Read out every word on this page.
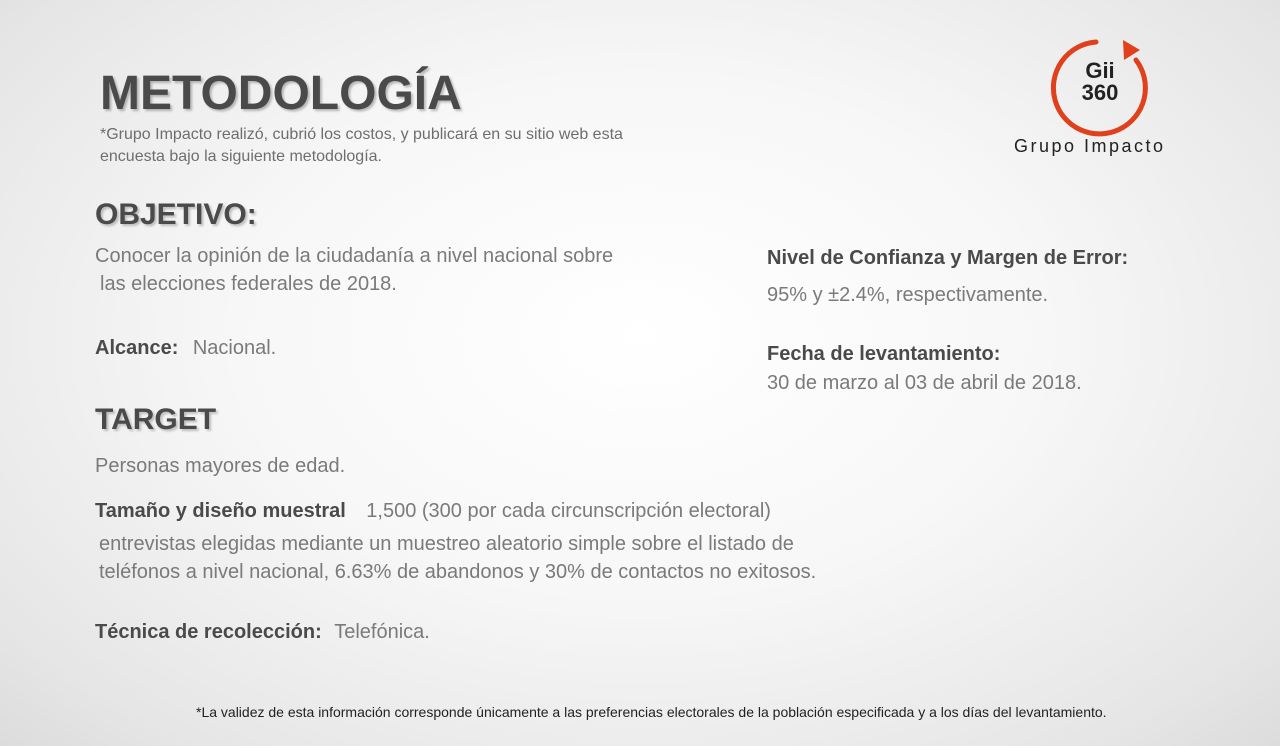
METODOLOGÍA
*Grupo Impacto realizó, cubrió los costos, y publicará en su sitio web esta encuesta bajo la siguiente metodología.
Gii
360
Grupo Impacto
OBJETIVO:
Conocer la opinión de la ciudadanía a nivel nacional sobre
las elecciones federales de 2018.
Alcance: Nacional.
TARGET
Personas mayores de edad.
Tamaño y diseño muestral 1,500 (300 por cada circunscripción electoral)
entrevistas elegidas mediante un muestreo aleatorio simple sobre el listado de
teléfonos a nivel nacional, 6.63% de abandonos y 30% de contactos no exitosos.
Técnica de recolección: Telefónica.
Nivel de Confianza y Margen de Error:
95% y ±2.4%, respectivamente.
Fecha de levantamiento:
30 de marzo al 03 de abril de 2018.
*La validez de esta información corresponde únicamente a las preferencias electorales de la población especificada y a los días del levantamiento.
